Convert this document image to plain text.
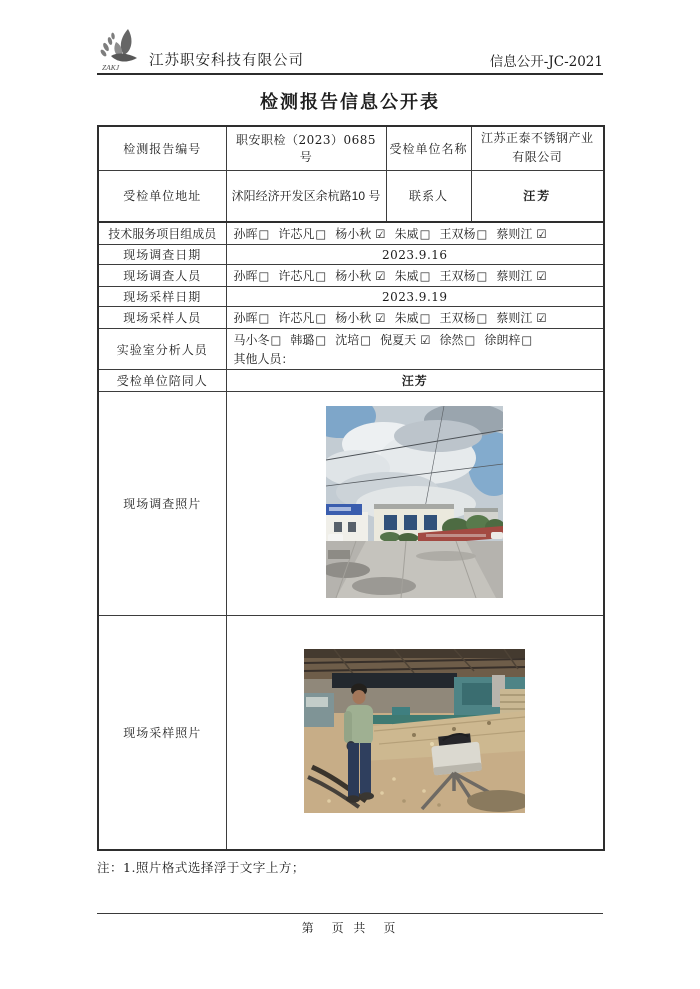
ZAKJ 江苏职安科技有限公司	信息公开-JC-2021
检测报告信息公开表
检测报告编号	职安职检（2023）0685 号	受检单位名称	江苏正泰不锈钢产业有限公司
受检单位地址	沭阳经济开发区余杭路10 号	联系人	汪芳
技术服务项目组成员	孙晖□ 许芯凡□ 杨小秋 ☑ 朱威□ 王双杨□ 蔡则江 ☑		
现场调查日期	2023.9.16		
现场调查人员	孙晖□ 许芯凡□ 杨小秋 ☑ 朱威□ 王双杨□ 蔡则江 ☑		
现场采样日期	2023.9.19		
现场采样人员	孙晖□ 许芯凡□ 杨小秋 ☑ 朱威□ 王双杨□ 蔡则江 ☑		
实验室分析人员	马小冬□ 韩璐□ 沈培□ 倪夏天 ☑ 徐然□ 徐朗梓□
其他人员：		

受检单位陪同人	汪芳		
现场调查照片	
现场采样照片	
注：1.照片格式选择浮于文字上方；
第　页 共　页
